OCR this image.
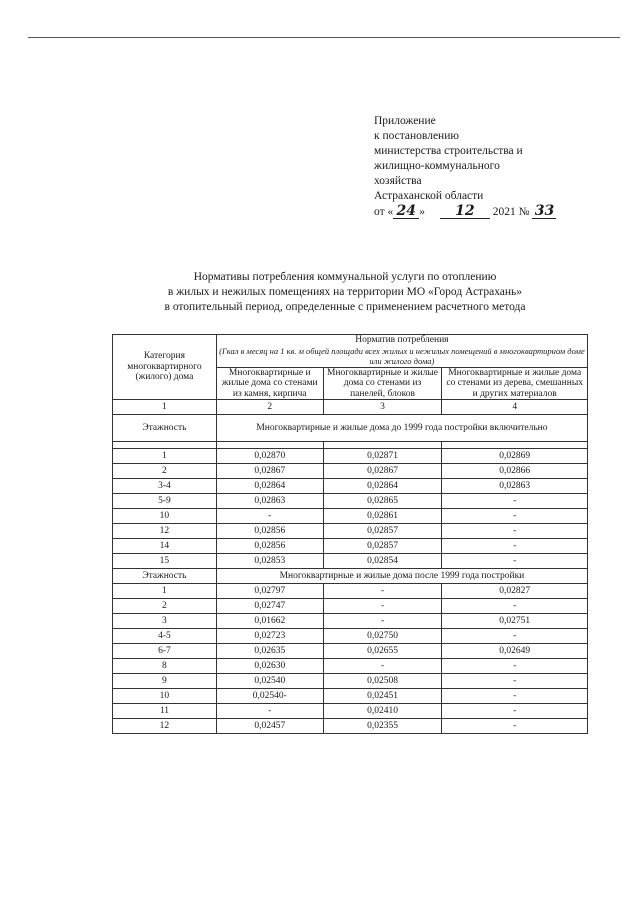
Приложение
к постановлению
министерства строительства и
жилищно-коммунального
хозяйства
Астраханской области
от « 24 » 12 2021 № 33
Нормативы потребления коммунальной услуги по отоплению
в жилых и нежилых помещениях на территории МО «Город Астрахань»
в отопительный период, определенные с применением расчетного метода
Категория многоквартирного (жилого) дома	Норматив потребления
(Гкал в месяц на 1 кв. м общей площади всех жилых и нежилых помещений в многоквартирном доме или жилого дома)		

	Многоквартирные и жилые дома со стенами из камня, кирпича	Многоквартирные и жилые дома со стенами из панелей, блоков	Многоквартирные и жилые дома со стенами из дерева, смешанных и других материалов
1	2	3	4
Этажность	Многоквартирные и жилые дома до 1999 года постройки включительно		

1	0,02870	0,02871	0,02869
2	0,02867	0,02867	0,02866
3-4	0,02864	0,02864	0,02863
5-9	0,02863	0,02865	-
10	-	0,02861	-
12	0,02856	0,02857	-
14	0,02856	0,02857	-
15	0,02853	0,02854	-
Этажность	Многоквартирные и жилые дома после 1999 года постройки		
1	0,02797	-	0,02827
2	0,02747	-	-
3	0,01662	-	0,02751
4-5	0,02723	0,02750	-
6-7	0,02635	0,02655	0,02649
8	0,02630	-	-
9	0,02540	0,02508	-
10	0,02540-	0,02451	-
11	-	0,02410	-
12	0,02457	0,02355	-
